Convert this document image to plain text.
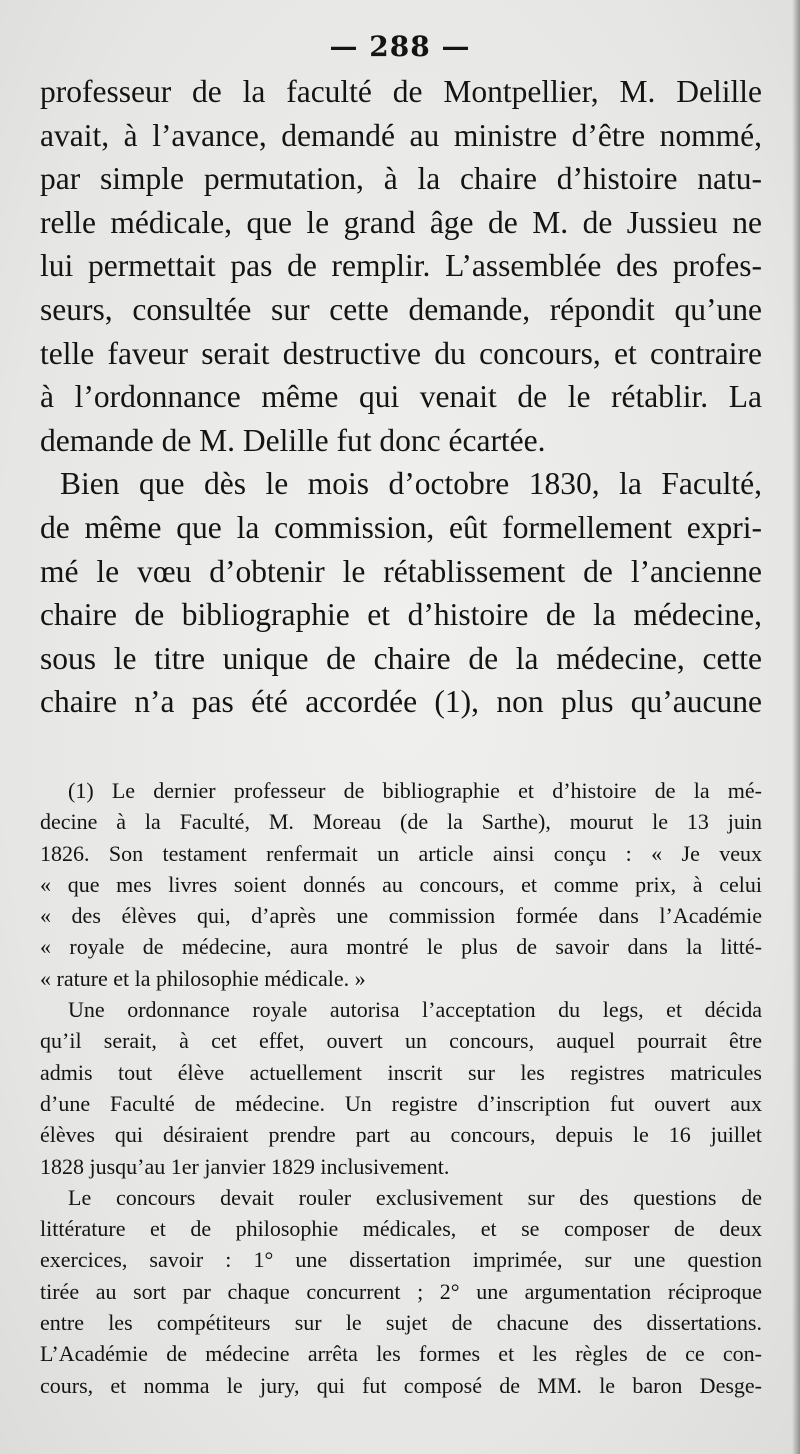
— 288 —
professeur de la faculté de Montpellier, M. Delille
avait, à l’avance, demandé au ministre d’être nommé,
par simple permutation, à la chaire d’histoire natu-
relle médicale, que le grand âge de M. de Jussieu ne
lui permettait pas de remplir. L’assemblée des profes-
seurs, consultée sur cette demande, répondit qu’une
telle faveur serait destructive du concours, et contraire
à l’ordonnance même qui venait de le rétablir. La
demande de M. Delille fut donc écartée.
Bien que dès le mois d’octobre 1830, la Faculté,
de même que la commission, eût formellement expri-
mé le vœu d’obtenir le rétablissement de l’ancienne
chaire de bibliographie et d’histoire de la médecine,
sous le titre unique de chaire de la médecine, cette
chaire n’a pas été accordée (1), non plus qu’aucune
(1) Le dernier professeur de bibliographie et d’histoire de la mé-
decine à la Faculté, M. Moreau (de la Sarthe), mourut le 13 juin
1826. Son testament renfermait un article ainsi conçu : « Je veux
« que mes livres soient donnés au concours, et comme prix, à celui
« des élèves qui, d’après une commission formée dans l’Académie
« royale de médecine, aura montré le plus de savoir dans la litté-
« rature et la philosophie médicale. »
Une ordonnance royale autorisa l’acceptation du legs, et décida
qu’il serait, à cet effet, ouvert un concours, auquel pourrait être
admis tout élève actuellement inscrit sur les registres matricules
d’une Faculté de médecine. Un registre d’inscription fut ouvert aux
élèves qui désiraient prendre part au concours, depuis le 16 juillet
1828 jusqu’au 1er janvier 1829 inclusivement.
Le concours devait rouler exclusivement sur des questions de
littérature et de philosophie médicales, et se composer de deux
exercices, savoir : 1° une dissertation imprimée, sur une question
tirée au sort par chaque concurrent ; 2° une argumentation réciproque
entre les compétiteurs sur le sujet de chacune des dissertations.
L’Académie de médecine arrêta les formes et les règles de ce con-
cours, et nomma le jury, qui fut composé de MM. le baron Desge-
